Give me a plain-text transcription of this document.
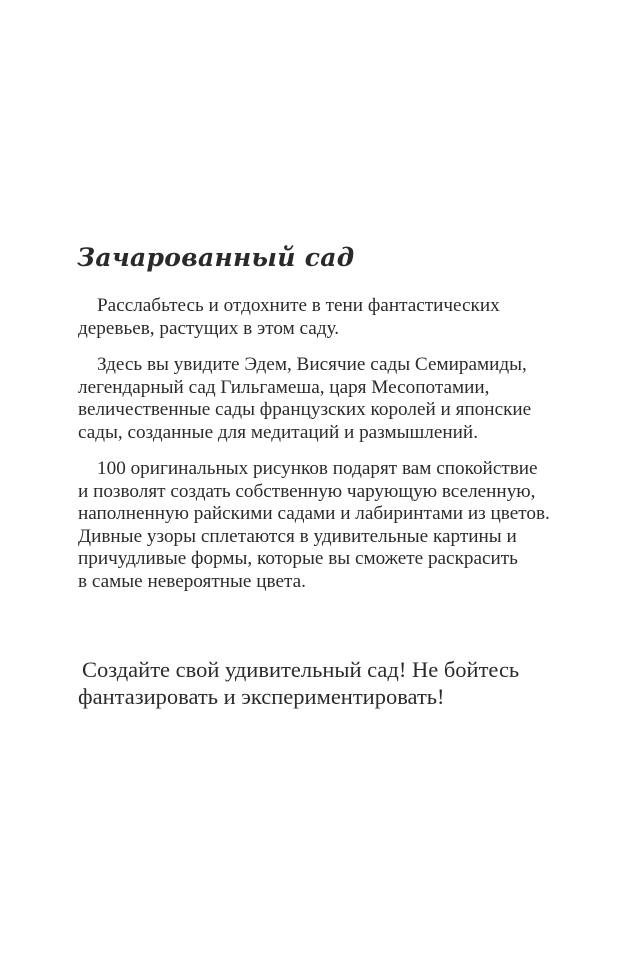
Зачарованный сад

Расслабьтесь и отдохните в тени фантастических
деревьев, растущих в этом саду.

Здесь вы увидите Эдем, Висячие сады Семирамиды,
легендарный сад Гильгамеша, царя Месопотамии,
величественные сады французских королей и японские
сады, созданные для медитаций и размышлений.

100 оригинальных рисунков подарят вам спокойствие
и позволят создать собственную чарующую вселенную,
наполненную райскими садами и лабиринтами из цветов.
Дивные узоры сплетаются в удивительные картины и
причудливые формы, которые вы сможете раскрасить
в самые невероятные цвета.

Создайте свой удивительный сад! Не бойтесь
фантазировать и экспериментировать!
